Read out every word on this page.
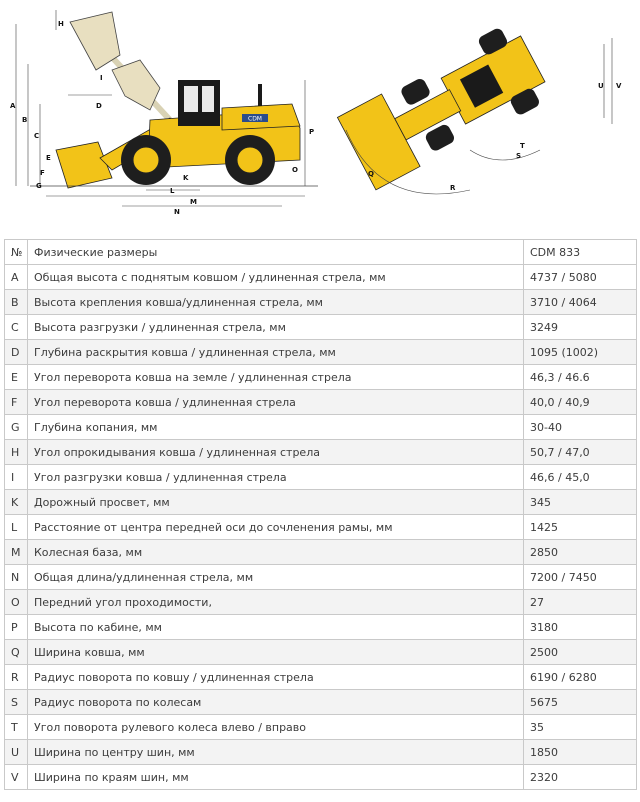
CDM
A
B
C
D
E
F
G
H
I
K
L
M
N
O
P
Q
R
S
T
U V
№	Физические размеры	CDM 833
A	Общая высота с поднятым ковшом / удлиненная стрела, мм	4737 / 5080
B	Высота крепления ковша/удлиненная стрела, мм	3710 / 4064
C	Высота разгрузки / удлиненная стрела, мм	3249
D	Глубина раскрытия ковша / удлиненная стрела, мм	1095 (1002)
E	Угол переворота ковша на земле / удлиненная стрела	46,3 / 46.6
F	Угол переворота ковша / удлиненная стрела	40,0 / 40,9
G	Глубина копания, мм	30-40
H	Угол опрокидывания ковша / удлиненная стрела	50,7 / 47,0
I	Угол разгрузки ковша / удлиненная стрела	46,6 / 45,0
K	Дорожный просвет, мм	345
L	Расстояние от центра передней оси до сочленения рамы, мм	1425
M	Колесная база, мм	2850
N	Общая длина/удлиненная стрела, мм	7200 / 7450
O	Передний угол проходимости,	27
P	Высота по кабине, мм	3180
Q	Ширина ковша, мм	2500
R	Радиус поворота по ковшу / удлиненная стрела	6190 / 6280
S	Радиус поворота по колесам	5675
T	Угол поворота рулевого колеса влево / вправо	35
U	Ширина по центру шин, мм	1850
V	Ширина по краям шин, мм	2320
